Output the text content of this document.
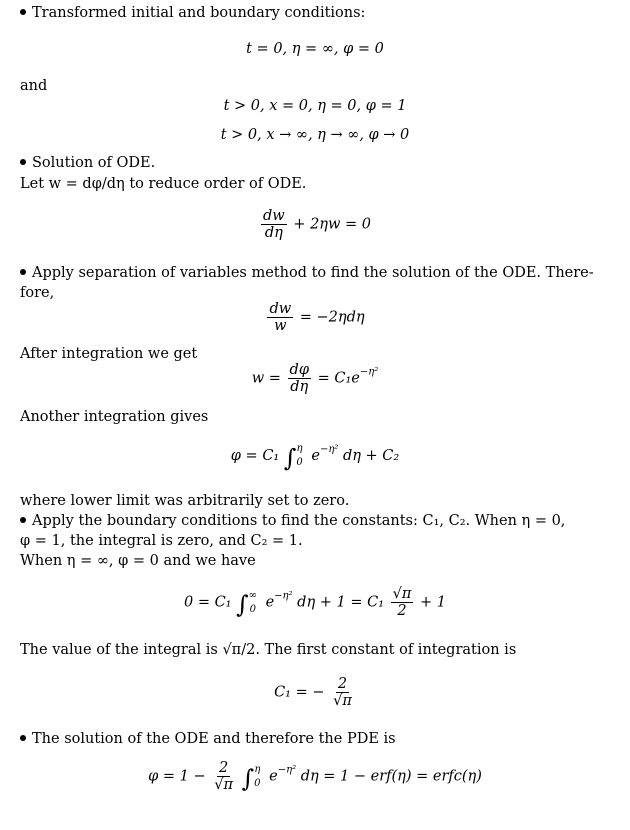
Transformed initial and boundary conditions:
t = 0, η = ∞, φ = 0
and
t > 0, x = 0, η = 0, φ = 1
t > 0, x → ∞, η → ∞, φ → 0
Solution of ODE.
Let w = dφ/dη to reduce order of ODE.
$\frac{dw}{d\eta} + 2\eta w = 0$
Apply separation of variables method to find the solution of the ODE. There-
fore,
$\frac{dw}{w} = -2\eta d\eta$
After integration we get
$w = \frac{d\varphi}{d\eta} = C_1e^{-\eta^2}$
Another integration gives
φ = C₁ ∫ η
0 $e^{-\eta^2}$ dη + C₂
where lower limit was arbitrarily set to zero.
Apply the boundary conditions to find the constants: C₁, C₂. When η = 0,
φ = 1, the integral is zero, and C₂ = 1.
When η = ∞, φ = 0 and we have
0 = C₁ ∫ ∞
0 $e^{-\eta^2}$ $d\eta + 1 = C_1 \frac{√\pi}{2} + 1$
The value of the integral is √π/2. The first constant of integration is
C₁ = − $\frac{2}{√\pi}$
The solution of the ODE and therefore the PDE is
$\varphi = 1 - \frac{2}{√\pi}$ ∫ η
0 $e^{-\eta^2}$ dη = 1 − erf(η) = erfc(η)
